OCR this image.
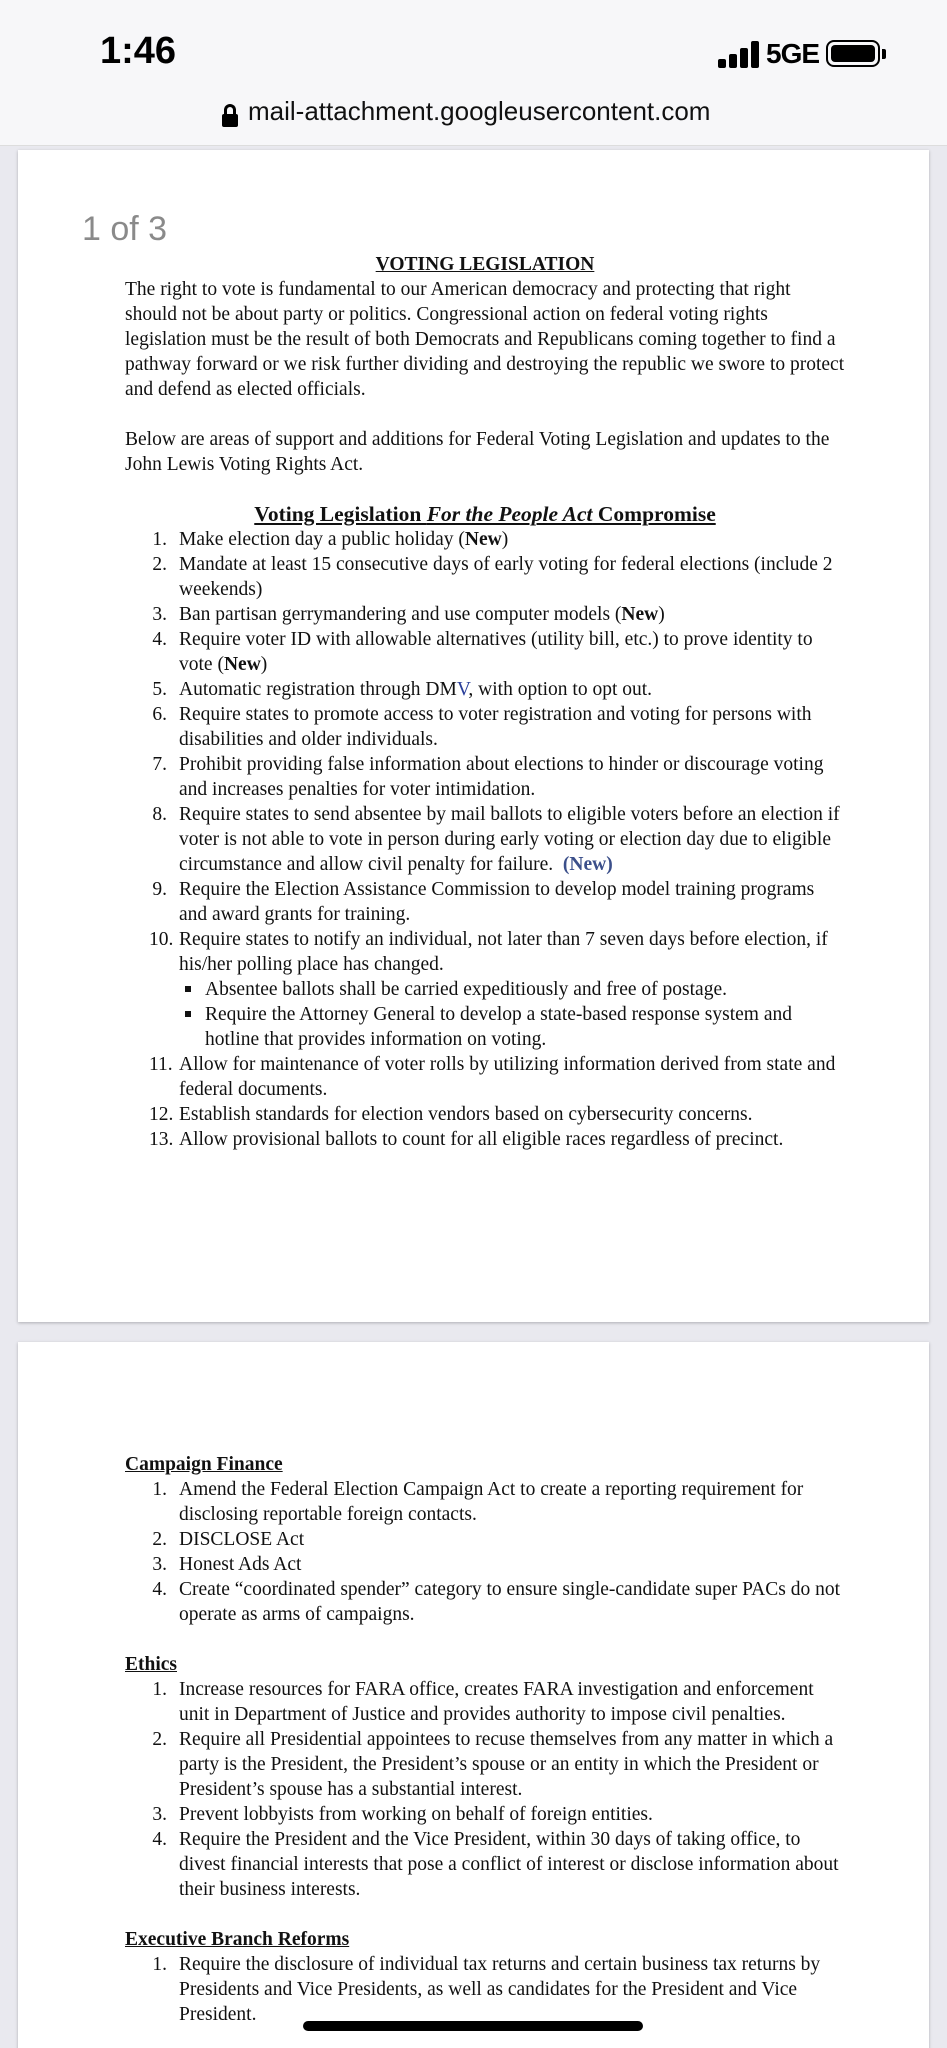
1:46	5GE
mail-attachment.googleusercontent.com
1 of 3

VOTING LEGISLATION

The right to vote is fundamental to our American democracy and protecting that right should not be about party or politics. Congressional action on federal voting rights legislation must be the result of both Democrats and Republicans coming together to find a pathway forward or we risk further dividing and destroying the republic we swore to protect and defend as elected officials.

Below are areas of support and additions for Federal Voting Legislation and updates to the John Lewis Voting Rights Act.

Voting Legislation For the People Act Compromise

1. Make election day a public holiday (New)
2. Mandate at least 15 consecutive days of early voting for federal elections (include 2 weekends)
3. Ban partisan gerrymandering and use computer models (New)
4. Require voter ID with allowable alternatives (utility bill, etc.) to prove identity to vote (New)
5. Automatic registration through DMV, with option to opt out.
6. Require states to promote access to voter registration and voting for persons with disabilities and older individuals.
7. Prohibit providing false information about elections to hinder or discourage voting and increases penalties for voter intimidation.
8. Require states to send absentee by mail ballots to eligible voters before an election if voter is not able to vote in person during early voting or election day due to eligible circumstance and allow civil penalty for failure. (New)
9. Require the Election Assistance Commission to develop model training programs and award grants for training.
10. Require states to notify an individual, not later than 7 seven days before election, if his/her polling place has changed.
Absentee ballots shall be carried expeditiously and free of postage.
Require the Attorney General to develop a state-based response system and hotline that provides information on voting.
11. Allow for maintenance of voter rolls by utilizing information derived from state and federal documents.
12. Establish standards for election vendors based on cybersecurity concerns.
13. Allow provisional ballots to count for all eligible races regardless of precinct.

Campaign Finance

1. Amend the Federal Election Campaign Act to create a reporting requirement for disclosing reportable foreign contacts.
2. DISCLOSE Act
3. Honest Ads Act
4. Create “coordinated spender” category to ensure single-candidate super PACs do not operate as arms of campaigns.

Ethics

1. Increase resources for FARA office, creates FARA investigation and enforcement unit in Department of Justice and provides authority to impose civil penalties.
2. Require all Presidential appointees to recuse themselves from any matter in which a party is the President, the President’s spouse or an entity in which the President or President’s spouse has a substantial interest.
3. Prevent lobbyists from working on behalf of foreign entities.
4. Require the President and the Vice President, within 30 days of taking office, to divest financial interests that pose a conflict of interest or disclose information about their business interests.

Executive Branch Reforms

1. Require the disclosure of individual tax returns and certain business tax returns by Presidents and Vice Presidents, as well as candidates for the President and Vice President.
